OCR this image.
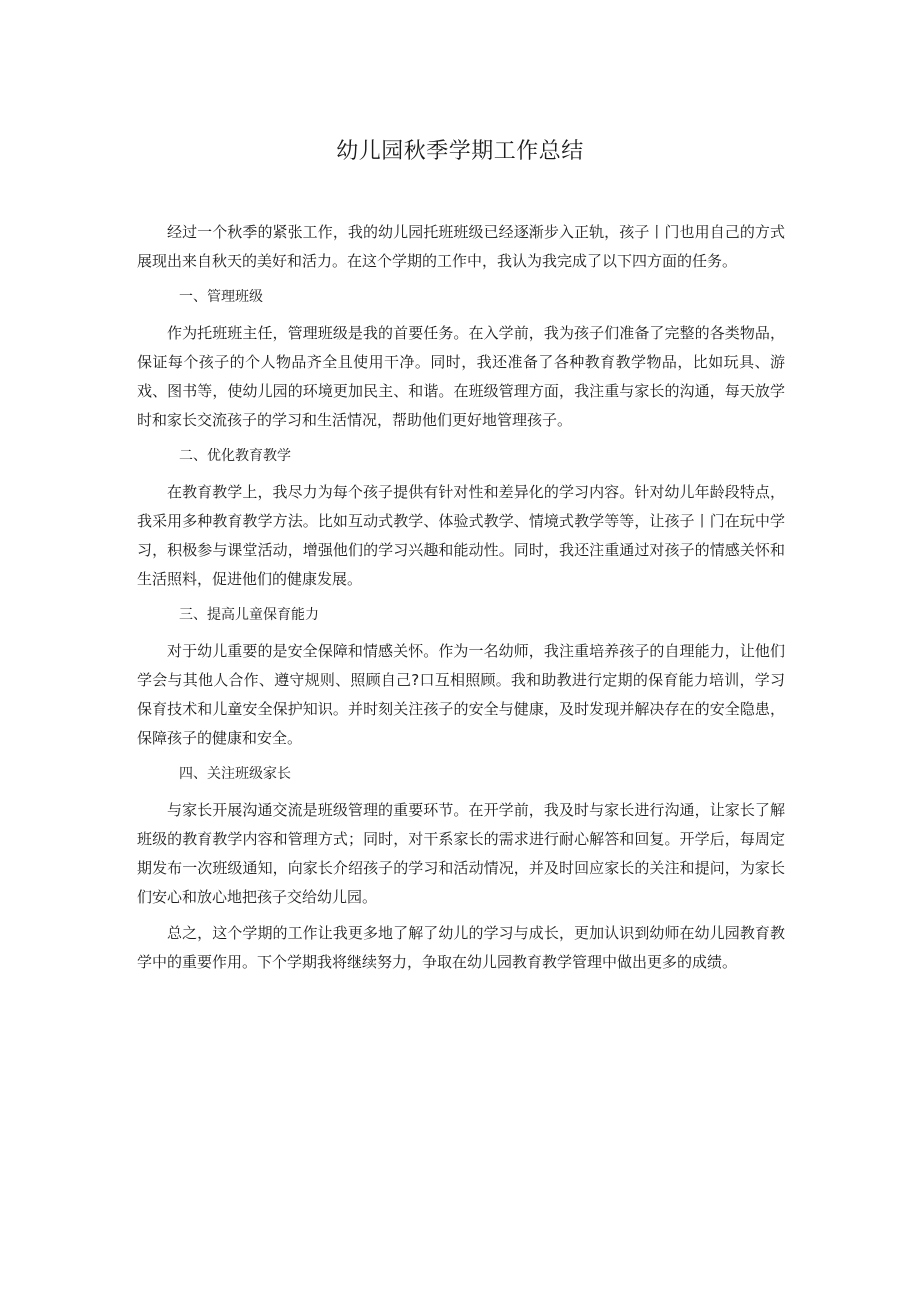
幼儿园秋季学期工作总结

经过一个秋季的紧张工作，我的幼儿园托班班级已经逐渐步入正轨，孩子丨门也用自己的方式展现出来自秋天的美好和活力。在这个学期的工作中，我认为我完成了以下四方面的任务。

一、管理班级

作为托班班主任，管理班级是我的首要任务。在入学前，我为孩子们准备了完整的各类物品，保证每个孩子的个人物品齐全且使用干净。同时，我还准备了各种教育教学物品，比如玩具、游戏、图书等，使幼儿园的环境更加民主、和谐。在班级管理方面，我注重与家长的沟通，每天放学时和家长交流孩子的学习和生活情况，帮助他们更好地管理孩子。

二、优化教育教学

在教育教学上，我尽力为每个孩子提供有针对性和差异化的学习内容。针对幼儿年龄段特点，我采用多种教育教学方法。比如互动式教学、体验式教学、情境式教学等等，让孩子丨门在玩中学习，积极参与课堂活动，增强他们的学习兴趣和能动性。同时，我还注重通过对孩子的情感关怀和生活照料，促进他们的健康发展。

三、提高儿童保育能力

对于幼儿重要的是安全保障和情感关怀。作为一名幼师，我注重培养孩子的自理能力，让他们学会与其他人合作、遵守规则、照顾自己?口互相照顾。我和助教进行定期的保育能力培训，学习保育技术和儿童安全保护知识。并时刻关注孩子的安全与健康，及时发现并解决存在的安全隐患，保障孩子的健康和安全。

四、关注班级家长

与家长开展沟通交流是班级管理的重要环节。在开学前，我及时与家长进行沟通，让家长了解班级的教育教学内容和管理方式；同时，对干系家长的需求进行耐心解答和回复。开学后，每周定期发布一次班级通知，向家长介绍孩子的学习和活动情况，并及时回应家长的关注和提问，为家长们安心和放心地把孩子交给幼儿园。

总之，这个学期的工作让我更多地了解了幼儿的学习与成长，更加认识到幼师在幼儿园教育教学中的重要作用。下个学期我将继续努力，争取在幼儿园教育教学管理中做出更多的成绩。
